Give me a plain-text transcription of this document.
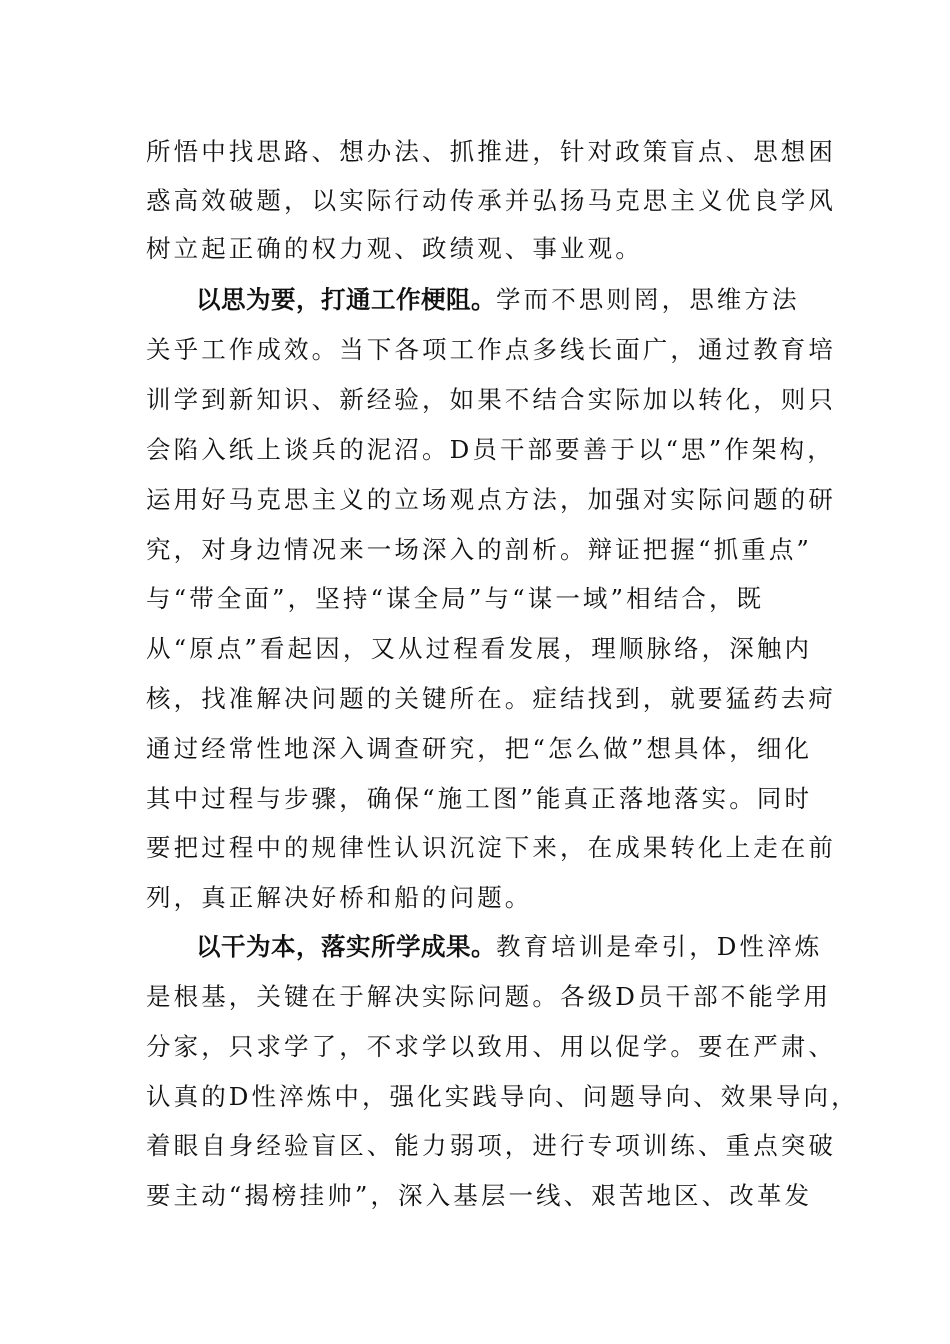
所悟中找思路、想办法、抓推进，针对政策盲点、思想困
惑高效破题，以实际行动传承并弘扬马克思主义优良学风
树立起正确的权力观、政绩观、事业观。
以思为要，打通工作梗阻。学而不思则罔，思维方法
关乎工作成效。当下各项工作点多线长面广，通过教育培
训学到新知识、新经验，如果不结合实际加以转化，则只
会陷入纸上谈兵的泥沼。D员干部要善于以“思”作架构，
运用好马克思主义的立场观点方法，加强对实际问题的研
究，对身边情况来一场深入的剖析。辩证把握“抓重点”
与“带全面”，坚持“谋全局”与“谋一域”相结合，既
从“原点”看起因，又从过程看发展，理顺脉络，深触内
核，找准解决问题的关键所在。症结找到，就要猛药去疴
通过经常性地深入调查研究，把“怎么做”想具体，细化
其中过程与步骤，确保“施工图”能真正落地落实。同时
要把过程中的规律性认识沉淀下来，在成果转化上走在前
列，真正解决好桥和船的问题。
以干为本，落实所学成果。教育培训是牵引，D性淬炼
是根基，关键在于解决实际问题。各级D员干部不能学用
分家，只求学了，不求学以致用、用以促学。要在严肃、
认真的D性淬炼中，强化实践导向、问题导向、效果导向，
着眼自身经验盲区、能力弱项，进行专项训练、重点突破
要主动“揭榜挂帅”，深入基层一线、艰苦地区、改革发
